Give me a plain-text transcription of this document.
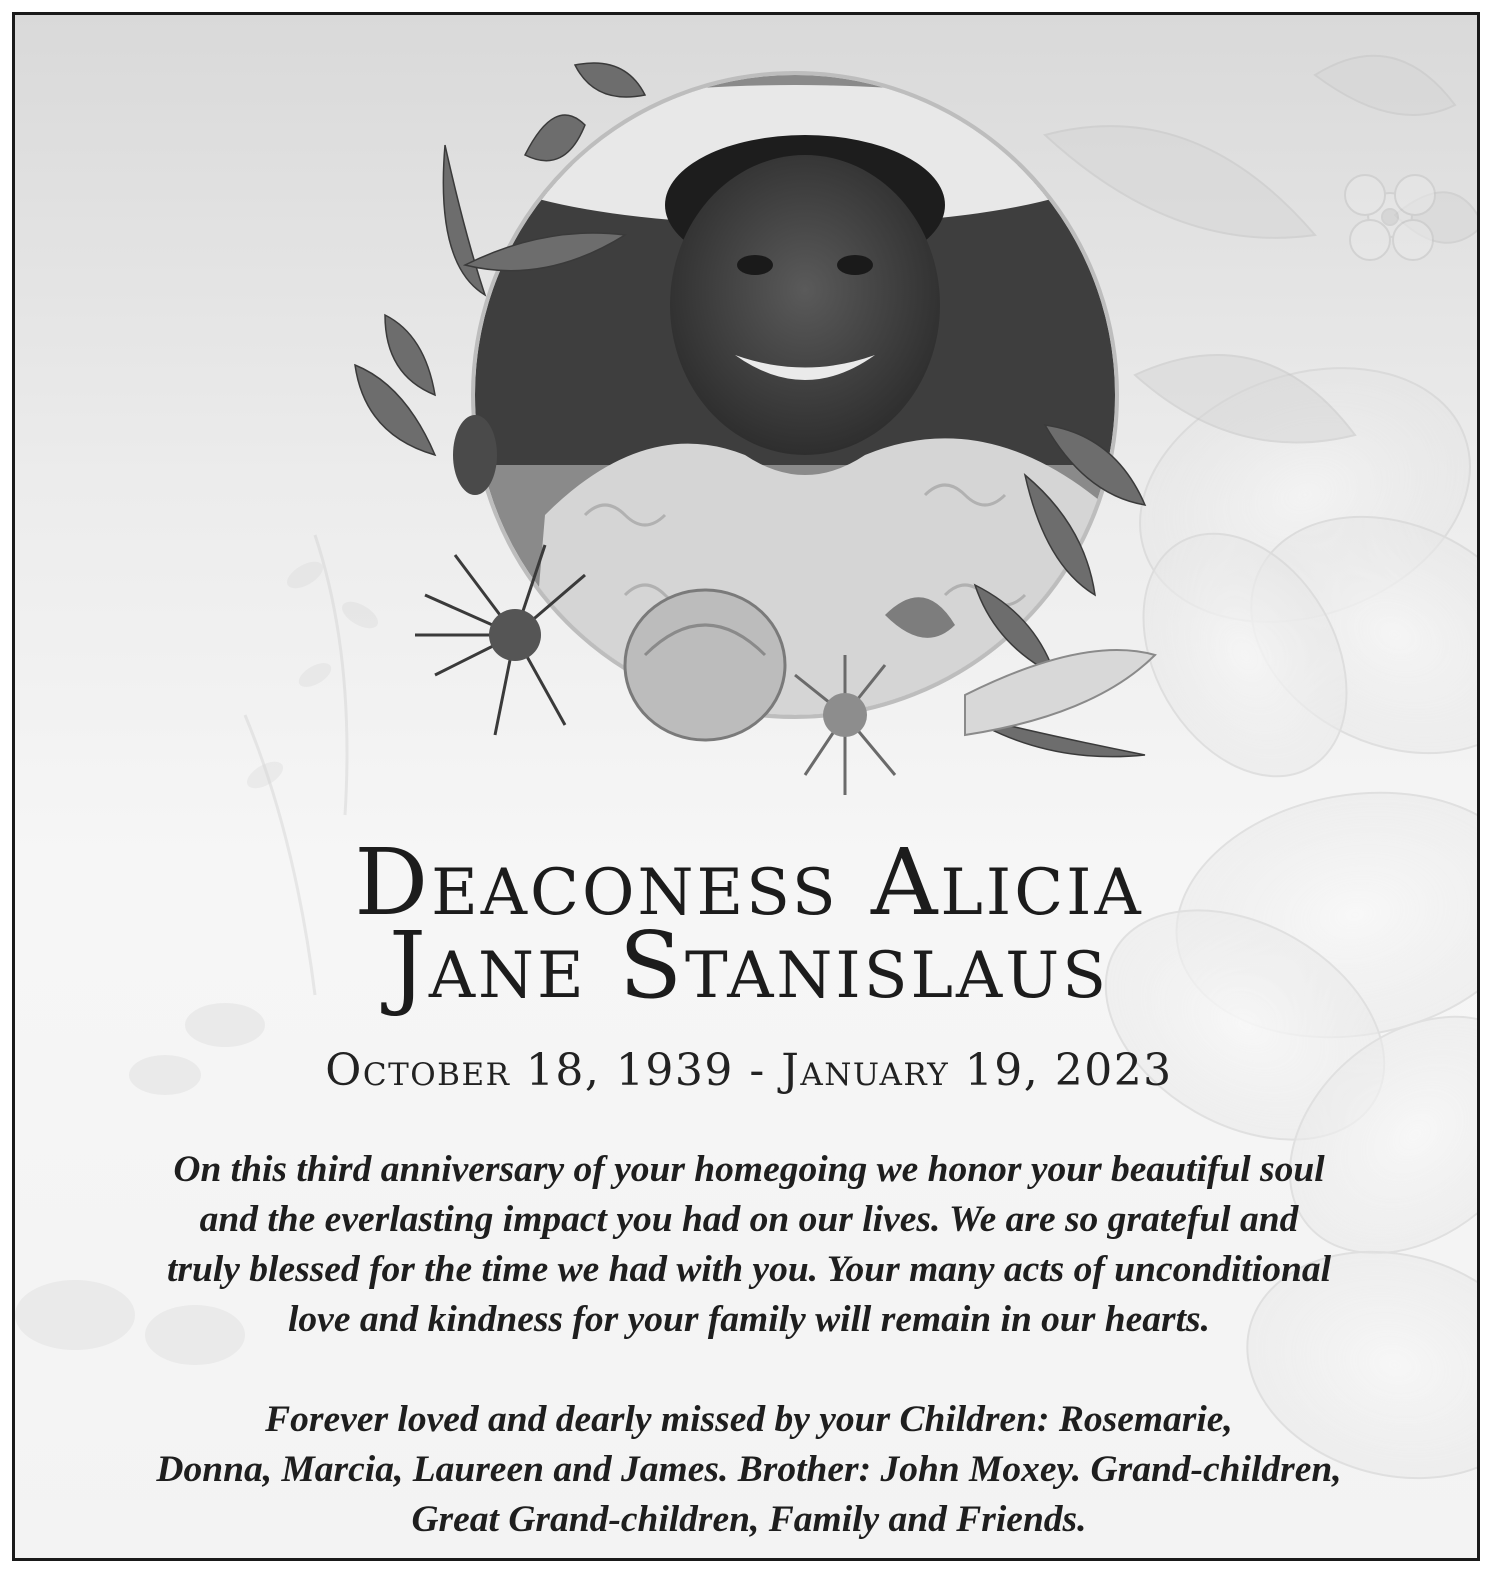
Deaconess Alicia
Jane Stanislaus
October 18, 1939 - January 19, 2023
On this third anniversary of your homegoing we honor your beautiful soul
and the everlasting impact you had on our lives. We are so grateful and
truly blessed for the time we had with you. Your many acts of unconditional
love and kindness for your family will remain in our hearts.
Forever loved and dearly missed by your Children: Rosemarie,
Donna, Marcia, Laureen and James. Brother: John Moxey. Grand-children,
Great Grand-children, Family and Friends.
